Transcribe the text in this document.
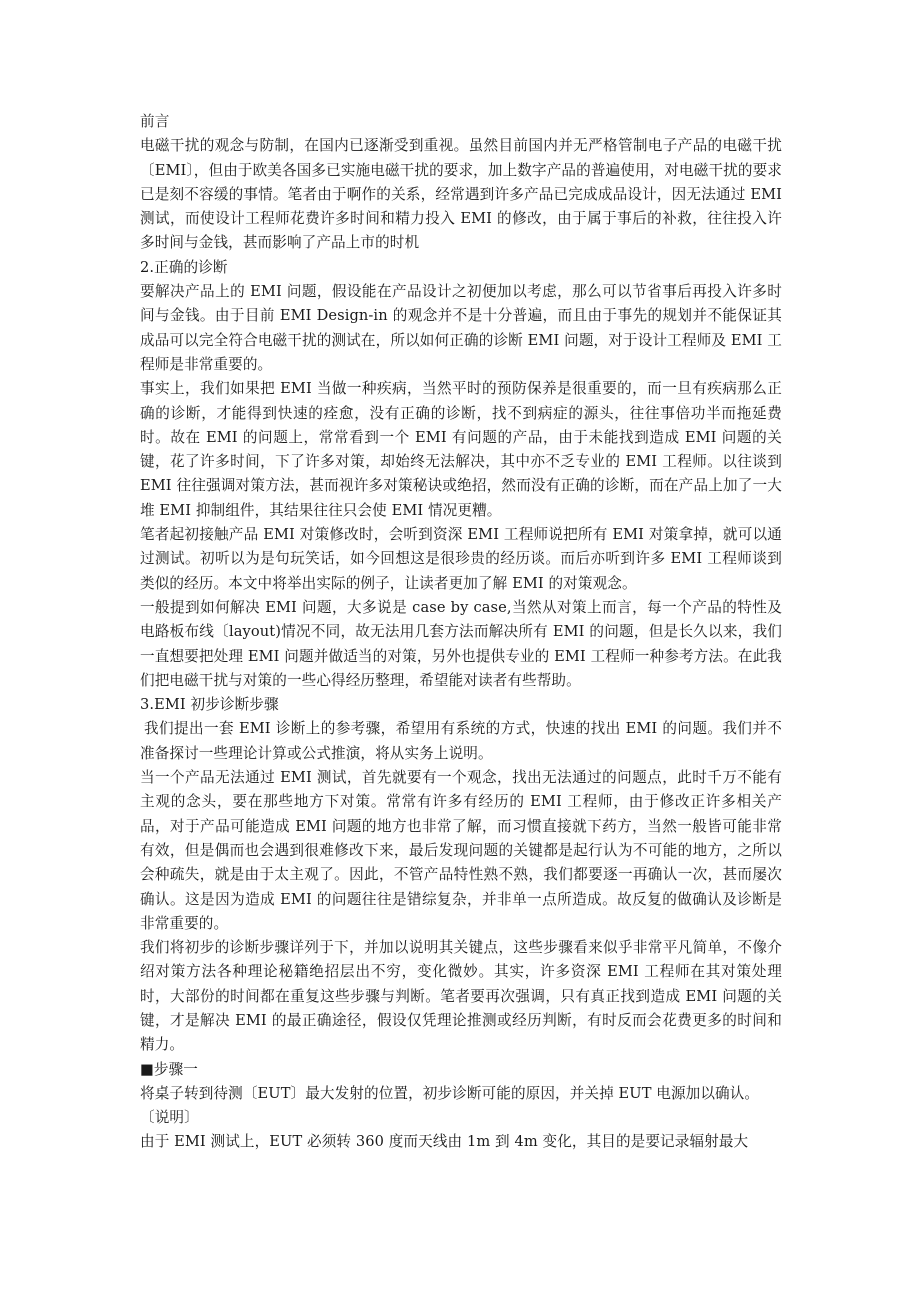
前言

电磁干扰的观念与防制，在国内已逐渐受到重视。虽然目前国内并无严格管制电子产品的电磁干扰〔EMI〕，但由于欧美各国多已实施电磁干扰的要求，加上数字产品的普遍使用，对电磁干扰的要求已是刻不容缓的事情。笔者由于啊作的关系，经常遇到许多产品已完成成品设计，因无法通过 EMI 测试，而使设计工程师花费许多时间和精力投入 EMI 的修改，由于属于事后的补救，往往投入许多时间与金钱，甚而影响了产品上市的时机

2.正确的诊断

要解决产品上的 EMI 问题，假设能在产品设计之初便加以考虑，那么可以节省事后再投入许多时间与金钱。由于目前 EMI Design-in 的观念并不是十分普遍，而且由于事先的规划并不能保证其成品可以完全符合电磁干扰的测试在，所以如何正确的诊断 EMI 问题，对于设计工程师及 EMI 工程师是非常重要的。

事实上，我们如果把 EMI 当做一种疾病，当然平时的预防保养是很重要的，而一旦有疾病那么正确的诊断，才能得到快速的痊愈，没有正确的诊断，找不到病症的源头，往往事倍功半而拖延费时。故在 EMI 的问题上，常常看到一个 EMI 有问题的产品，由于未能找到造成 EMI 问题的关键，花了许多时间，下了许多对策，却始终无法解决，其中亦不乏专业的 EMI 工程师。以往谈到 EMI 往往强调对策方法，甚而视许多对策秘诀或绝招，然而没有正确的诊断，而在产品上加了一大堆 EMI 抑制组件，其结果往往只会使 EMI 情况更糟。

笔者起初接触产品 EMI 对策修改时，会听到资深 EMI 工程师说把所有 EMI 对策拿掉，就可以通过测试。初听以为是句玩笑话，如今回想这是很珍贵的经历谈。而后亦听到许多 EMI 工程师谈到类似的经历。本文中将举出实际的例子，让读者更加了解 EMI 的对策观念。

一般提到如何解决 EMI 问题，大多说是 case by case,当然从对策上而言，每一个产品的特性及电路板布线〔layout)情况不同，故无法用几套方法而解决所有 EMI 的问题，但是长久以来，我们一直想要把处理 EMI 问题并做适当的对策，另外也提供专业的 EMI 工程师一种参考方法。在此我们把电磁干扰与对策的一些心得经历整理，希望能对读者有些帮助。

3.EMI 初步诊断步骤

我们提出一套 EMI 诊断上的参考骤，希望用有系统的方式，快速的找出 EMI 的问题。我们并不准备探讨一些理论计算或公式推演，将从实务上说明。

当一个产品无法通过 EMI 测试，首先就要有一个观念，找出无法通过的问题点，此时千万不能有主观的念头，要在那些地方下对策。常常有许多有经历的 EMI 工程师，由于修改正许多相关产品，对于产品可能造成 EMI 问题的地方也非常了解，而习惯直接就下药方，当然一般皆可能非常有效，但是偶而也会遇到很难修改下来，最后发现问题的关键都是起行认为不可能的地方，之所以会种疏失，就是由于太主观了。因此，不管产品特性熟不熟，我们都要逐一再确认一次，甚而屡次确认。这是因为造成 EMI 的问题往往是错综复杂，并非单一点所造成。故反复的做确认及诊断是非常重要的。

我们将初步的诊断步骤详列于下，并加以说明其关键点，这些步骤看来似乎非常平凡简单，不像介绍对策方法各种理论秘籍绝招层出不穷，变化微妙。其实，许多资深 EMI 工程师在其对策处理时，大部份的时间都在重复这些步骤与判断。笔者要再次强调，只有真正找到造成 EMI 问题的关键，才是解决 EMI 的最正确途径，假设仅凭理论推测或经历判断，有时反而会花费更多的时间和精力。

■步骤一

将桌子转到待测〔EUT〕最大发射的位置，初步诊断可能的原因，并关掉 EUT 电源加以确认。

〔说明〕

由于 EMI 测试上，EUT 必须转 360 度而天线由 1m 到 4m 变化，其目的是要记录辐射最大
